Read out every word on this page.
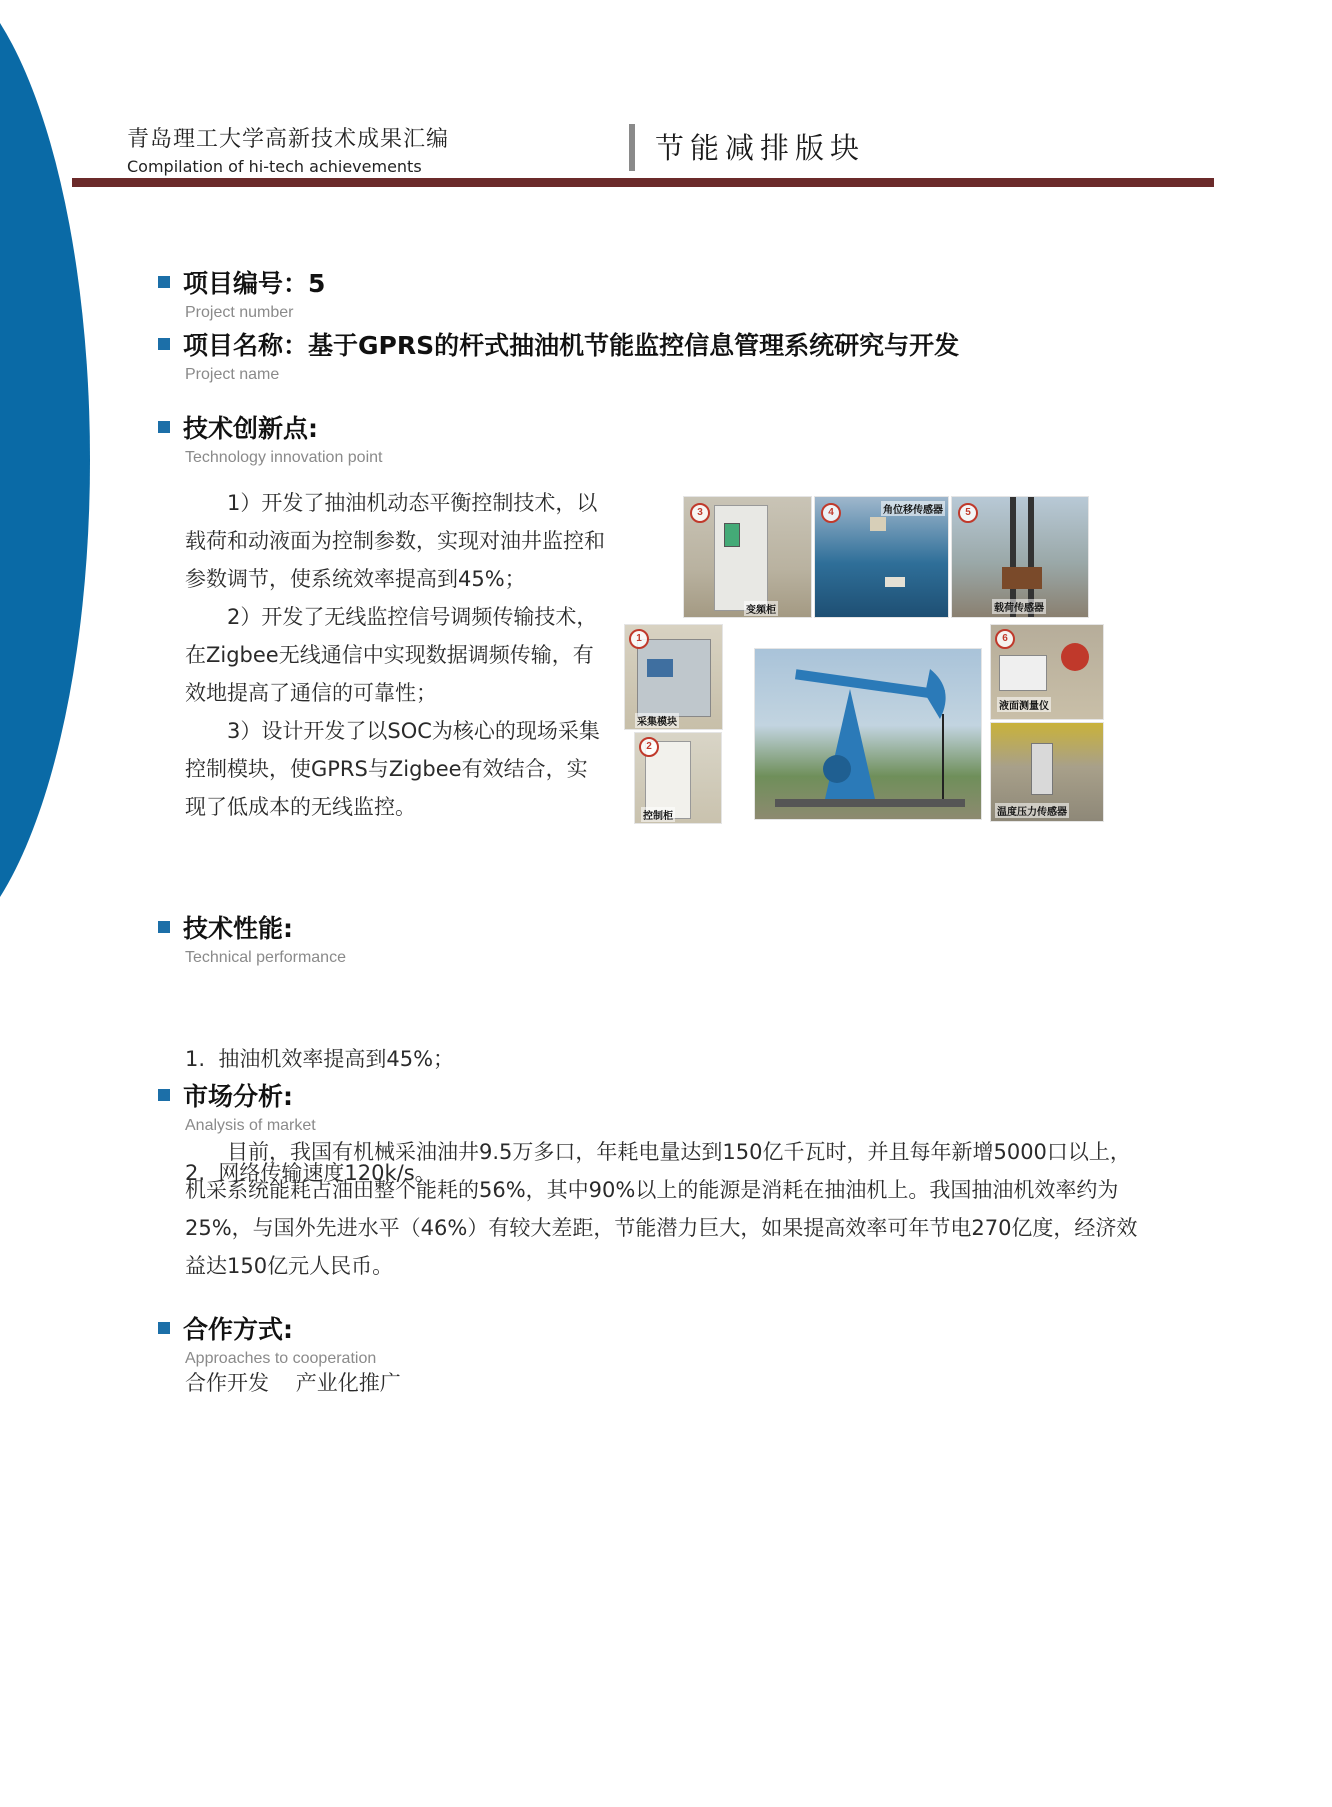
青岛理工大学高新技术成果汇编
Compilation of hi-tech achievements
节能减排版块
项目编号：5
Project number
项目名称：基于GPRS的杆式抽油机节能监控信息管理系统研究与开发
Project name
技术创新点:
Technology innovation point

1）开发了抽油机动态平衡控制技术，以载荷和动液面为控制参数，实现对油井监控和参数调节，使系统效率提高到45%；

2）开发了无线监控信号调频传输技术，在Zigbee无线通信中实现数据调频传输，有效地提高了通信的可靠性；

3）设计开发了以SOC为核心的现场采集控制模块，使GPRS与Zigbee有效结合，实现了低成本的无线监控。

3
变频柜
4	角位移传感器	5
载荷传感器
1
采集模块
2
控制柜
6
液面测量仪
温度压力传感器
技术性能:
Technical performance

1.  抽油机效率提高到45%；

2.  网络传输速度120k/s。

市场分析:
Analysis of market

目前，我国有机械采油油井9.5万多口，年耗电量达到150亿千瓦时，并且每年新增5000口以上，机采系统能耗占油田整个能耗的56%，其中90%以上的能源是消耗在抽油机上。我国抽油机效率约为25%，与国外先进水平（46%）有较大差距，节能潜力巨大，如果提高效率可年节电270亿度，经济效益达150亿元人民币。

合作方式:
Approaches to cooperation
合作开发    产业化推广
